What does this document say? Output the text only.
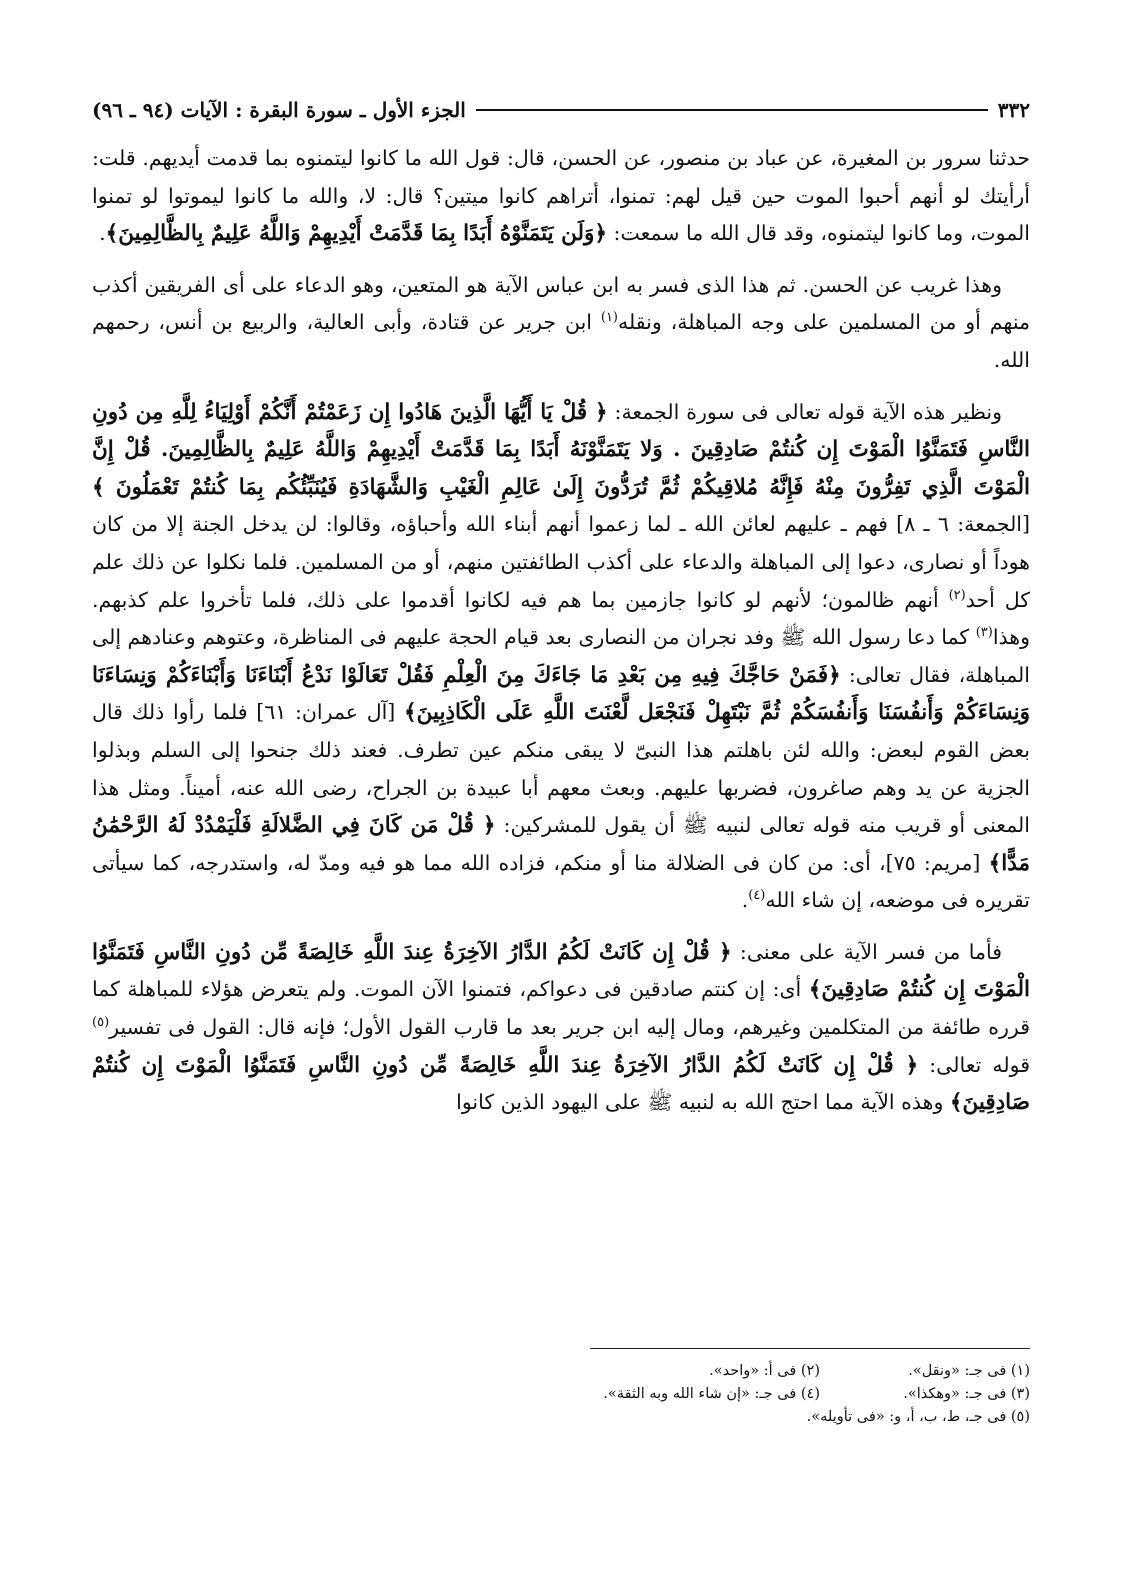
٣٣٢
الجزء الأول ـ سورة البقرة : الآيات (٩٤ ـ ٩٦)

حدثنا سرور بن المغيرة، عن عباد بن منصور، عن الحسن، قال: قول الله ما كانوا ليتمنوه بما قدمت أيديهم. قلت: أرأيتك لو أنهم أحبوا الموت حين قيل لهم: تمنوا، أتراهم كانوا ميتين؟ قال: لا، والله ما كانوا ليموتوا لو تمنوا الموت، وما كانوا ليتمنوه، وقد قال الله ما سمعت: ﴿وَلَن يَتَمَنَّوْهُ أَبَدًا بِمَا قَدَّمَتْ أَيْدِيهِمْ وَاللَّهُ عَلِيمٌ بِالظَّالِمِينَ﴾.

وهذا غريب عن الحسن. ثم هذا الذى فسر به ابن عباس الآية هو المتعين، وهو الدعاء على أى الفريقين أكذب منهم أو من المسلمين على وجه المباهلة، ونقله$^{(١)}$ ابن جرير عن قتادة، وأبى العالية، والربيع بن أنس، رحمهم الله.

ونظير هذه الآية قوله تعالى فى سورة الجمعة: ﴿ قُلْ يَا أَيُّهَا الَّذِينَ هَادُوا إِن زَعَمْتُمْ أَنَّكُمْ أَوْلِيَاءُ لِلَّهِ مِن دُونِ النَّاسِ فَتَمَنَّوُا الْمَوْتَ إِن كُنتُمْ صَادِقِينَ . وَلا يَتَمَنَّوْنَهُ أَبَدًا بِمَا قَدَّمَتْ أَيْدِيهِمْ وَاللَّهُ عَلِيمٌ بِالظَّالِمِينَ. قُلْ إِنَّ الْمَوْتَ الَّذِي تَفِرُّونَ مِنْهُ فَإِنَّهُ مُلاقِيكُمْ ثُمَّ تُرَدُّونَ إِلَىٰ عَالِمِ الْغَيْبِ وَالشَّهَادَةِ فَيُنَبِّئُكُم بِمَا كُنتُمْ تَعْمَلُونَ ﴾ [الجمعة: ٦ ـ ٨] فهم ـ عليهم لعائن الله ـ لما زعموا أنهم أبناء الله وأحباؤه، وقالوا: لن يدخل الجنة إلا من كان هوداً أو نصارى، دعوا إلى المباهلة والدعاء على أكذب الطائفتين منهم، أو من المسلمين. فلما نكلوا عن ذلك علم كل أحد$^{(٢)}$ أنهم ظالمون؛ لأنهم لو كانوا جازمين بما هم فيه لكانوا أقدموا على ذلك، فلما تأخروا علم كذبهم. وهذا$^{(٣)}$ كما دعا رسول الله ﷺ وفد نجران من النصارى بعد قيام الحجة عليهم فى المناظرة، وعتوهم وعنادهم إلى المباهلة، فقال تعالى: ﴿فَمَنْ حَاجَّكَ فِيهِ مِن بَعْدِ مَا جَاءَكَ مِنَ الْعِلْمِ فَقُلْ تَعَالَوْا نَدْعُ أَبْنَاءَنَا وَأَبْنَاءَكُمْ وَنِسَاءَنَا وَنِسَاءَكُمْ وَأَنفُسَنَا وَأَنفُسَكُمْ ثُمَّ نَبْتَهِلْ فَنَجْعَل لَّعْنَتَ اللَّهِ عَلَى الْكَاذِبِينَ﴾ [آل عمران: ٦١] فلما رأوا ذلك قال بعض القوم لبعض: والله لئن باهلتم هذا النبىّ لا يبقى منكم عين تطرف. فعند ذلك جنحوا إلى السلم وبذلوا الجزية عن يد وهم صاغرون، فضربها عليهم. وبعث معهم أبا عبيدة بن الجراح، رضى الله عنه، أميناً. ومثل هذا المعنى أو قريب منه قوله تعالى لنبيه ﷺ أن يقول للمشركين: ﴿ قُلْ مَن كَانَ فِي الضَّلالَةِ فَلْيَمْدُدْ لَهُ الرَّحْمَٰنُ مَدًّا﴾ [مريم: ٧٥]، أى: من كان فى الضلالة منا أو منكم، فزاده الله مما هو فيه ومدّ له، واستدرجه، كما سيأتى تقريره فى موضعه، إن شاء الله$^{(٤)}$.

فأما من فسر الآية على معنى: ﴿ قُلْ إِن كَانَتْ لَكُمُ الدَّارُ الآخِرَةُ عِندَ اللَّهِ خَالِصَةً مِّن دُونِ النَّاسِ فَتَمَنَّوُا الْمَوْتَ إِن كُنتُمْ صَادِقِينَ﴾ أى: إن كنتم صادقين فى دعواكم، فتمنوا الآن الموت. ولم يتعرض هؤلاء للمباهلة كما قرره طائفة من المتكلمين وغيرهم، ومال إليه ابن جرير بعد ما قارب القول الأول؛ فإنه قال: القول فى تفسير$^{(٥)}$ قوله تعالى: ﴿ قُلْ إِن كَانَتْ لَكُمُ الدَّارُ الآخِرَةُ عِندَ اللَّهِ خَالِصَةً مِّن دُونِ النَّاسِ فَتَمَنَّوُا الْمَوْتَ إِن كُنتُمْ صَادِقِينَ﴾ وهذه الآية مما احتج الله به لنبيه ﷺ على اليهود الذين كانوا

(١) فى جـ: «ونقل».
(٢) فى أ: «واحد».
(٣) فى جـ: «وهكذا».
(٤) فى جـ: «إن شاء الله وبه الثقة».
(٥) فى جـ، ط، ب، أ، و: «فى تأويله».
